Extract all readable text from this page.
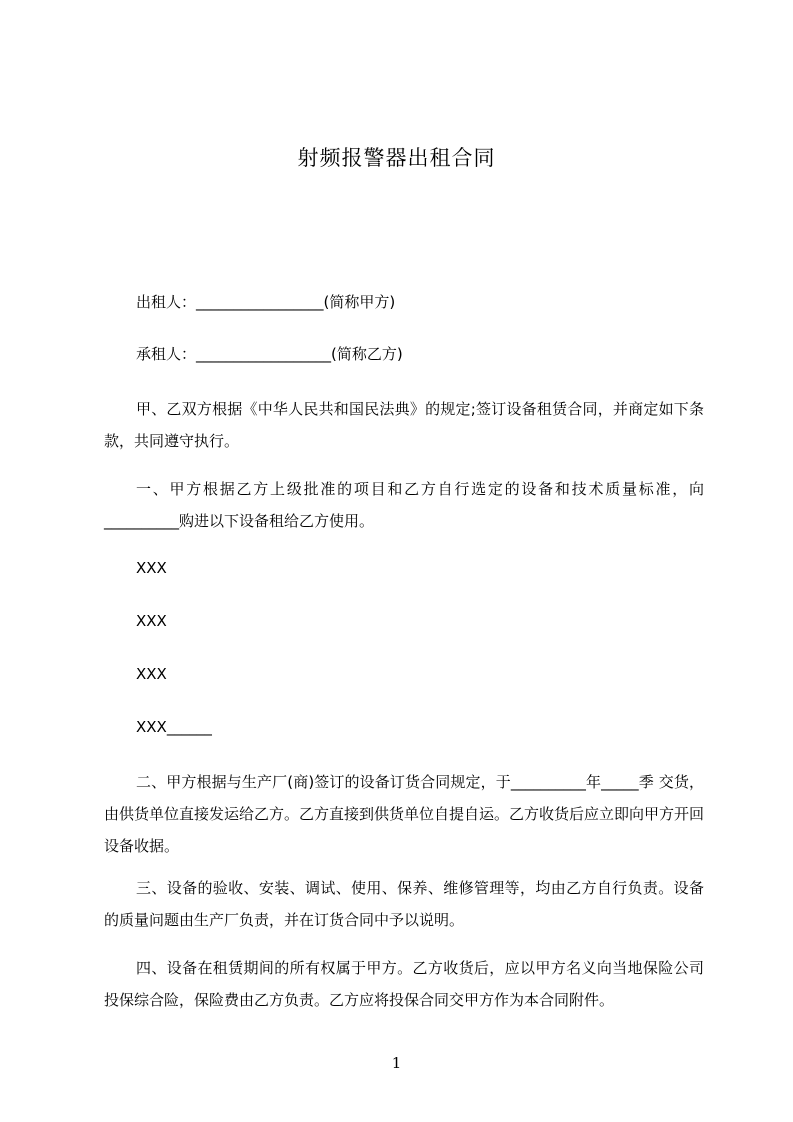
射频报警器出租合同
出租人：_________________(简称甲方)
承租人：__________________(简称乙方)
甲、乙双方根据《中华人民共和国民法典》的规定;签订设备租赁合同，并商定如下条款，共同遵守执行。
一、甲方根据乙方上级批准的项目和乙方自行选定的设备和技术质量标准，向__________购进以下设备租给乙方使用。
XXX
XXX
XXX
XXX______
二、甲方根据与生产厂(商)签订的设备订货合同规定，于__________年_____季 交货，由供货单位直接发运给乙方。乙方直接到供货单位自提自运。乙方收货后应立即向甲方开回设备收据。
三、设备的验收、安装、调试、使用、保养、维修管理等，均由乙方自行负责。设备的质量问题由生产厂负责，并在订货合同中予以说明。
四、设备在租赁期间的所有权属于甲方。乙方收货后，应以甲方名义向当地保险公司投保综合险，保险费由乙方负责。乙方应将投保合同交甲方作为本合同附件。
1
